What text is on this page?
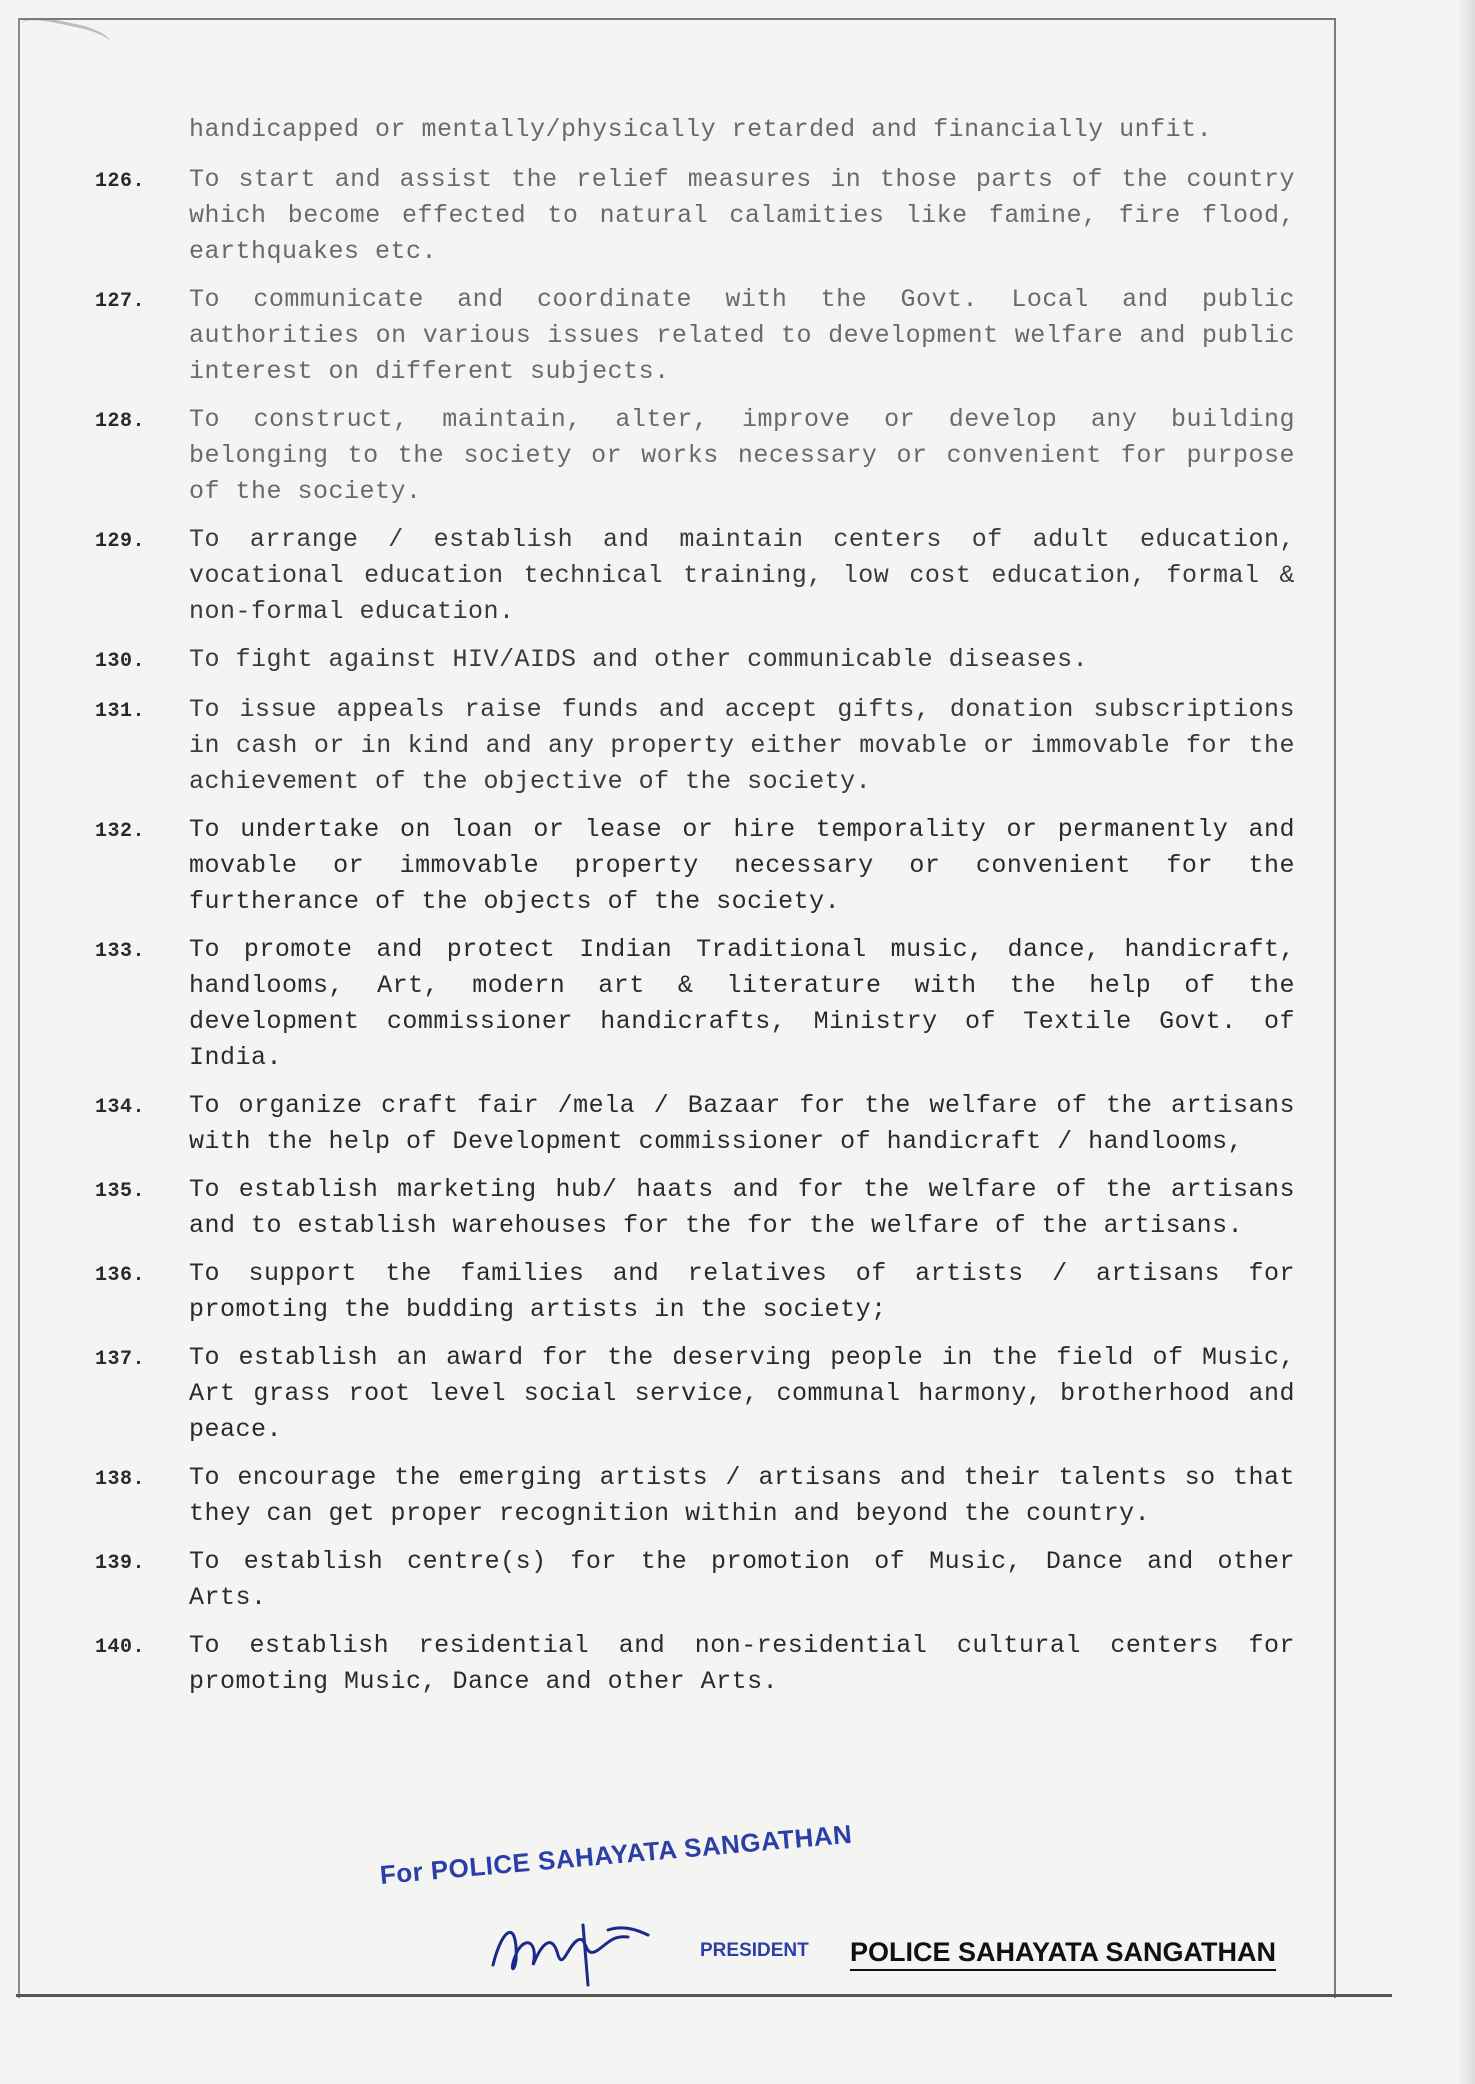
handicapped or mentally/physically retarded and financially unfit.
126.	To start and assist the relief measures in those parts of the country which become effected to natural calamities like famine, fire flood, earthquakes etc.
127.	To communicate and coordinate with the Govt. Local and public authorities on various issues related to development welfare and public interest on different subjects.
128.	To construct, maintain, alter, improve or develop any building belonging to the society or works necessary or convenient for purpose of the society.
129.	To arrange / establish and maintain centers of adult education, vocational education technical training, low cost education, formal & non-formal education.
130.	To fight against HIV/AIDS and other communicable diseases.
131.	To issue appeals raise funds and accept gifts, donation subscriptions in cash or in kind and any property either movable or immovable for the achievement of the objective of the society.
132.	To undertake on loan or lease or hire temporality or permanently and movable or immovable property necessary or convenient for the furtherance of the objects of the society.
133.	To promote and protect Indian Traditional music, dance, handicraft, handlooms, Art, modern art & literature with the help of the development commissioner handicrafts, Ministry of Textile Govt. of India.
134.	To organize craft fair /mela / Bazaar for the welfare of the artisans with the help of Development commissioner of handicraft / handlooms,
135.	To establish marketing hub/ haats and for the welfare of the artisans and to establish warehouses for the for the welfare of the artisans.
136.	To support the families and relatives of artists / artisans for promoting the budding artists in the society;
137.	To establish an award for the deserving people in the field of Music, Art grass root level social service, communal harmony, brotherhood and peace.
138.	To encourage the emerging artists / artisans and their talents so that they can get proper recognition within and beyond the country.
139.	To establish centre(s) for the promotion of Music, Dance and other Arts.
140.	To establish residential and non-residential cultural centers for promoting Music, Dance and other Arts.
For POLICE SAHAYATA SANGATHAN
PRESIDENT POLICE SAHAYATA SANGATHAN
